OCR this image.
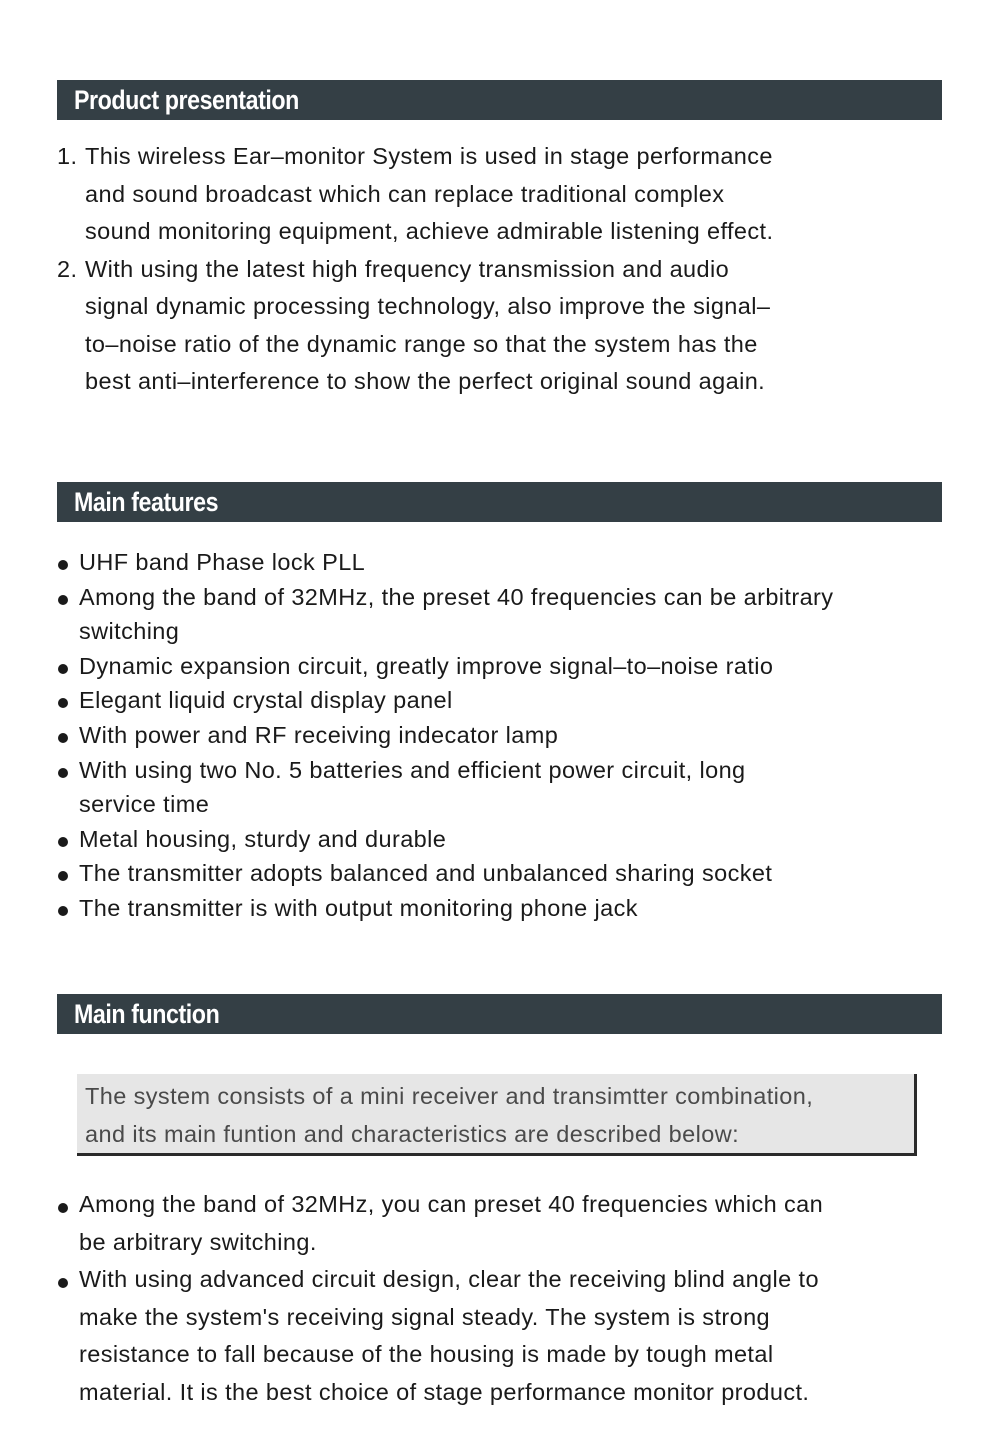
Product presentation
1. This wireless Ear–monitor System is used in stage performance
and sound broadcast which can replace traditional complex
sound monitoring equipment, achieve admirable listening effect.
2. With using the latest high frequency transmission and audio
signal dynamic processing technology, also improve the signal–
to–noise ratio of the dynamic range so that the system has the
best anti–interference to show the perfect original sound again.
Main features
UHF band Phase lock PLL
Among the band of 32MHz, the preset 40 frequencies can be arbitrary
switching
Dynamic expansion circuit, greatly improve signal–to–noise ratio
Elegant liquid crystal display panel
With power and RF receiving indecator lamp
With using two No. 5 batteries and efficient power circuit, long
service time
Metal housing, sturdy and durable
The transmitter adopts balanced and unbalanced sharing socket
The transmitter is with output monitoring phone jack
Main function

The system consists of a mini receiver and transimtter combination,

and its main funtion and characteristics are described below:

Among the band of 32MHz, you can preset 40 frequencies which can
be arbitrary switching.
With using advanced circuit design, clear the receiving blind angle to
make the system's receiving signal steady. The system is strong
resistance to fall because of the housing is made by tough metal
material. It is the best choice of stage performance monitor product.
